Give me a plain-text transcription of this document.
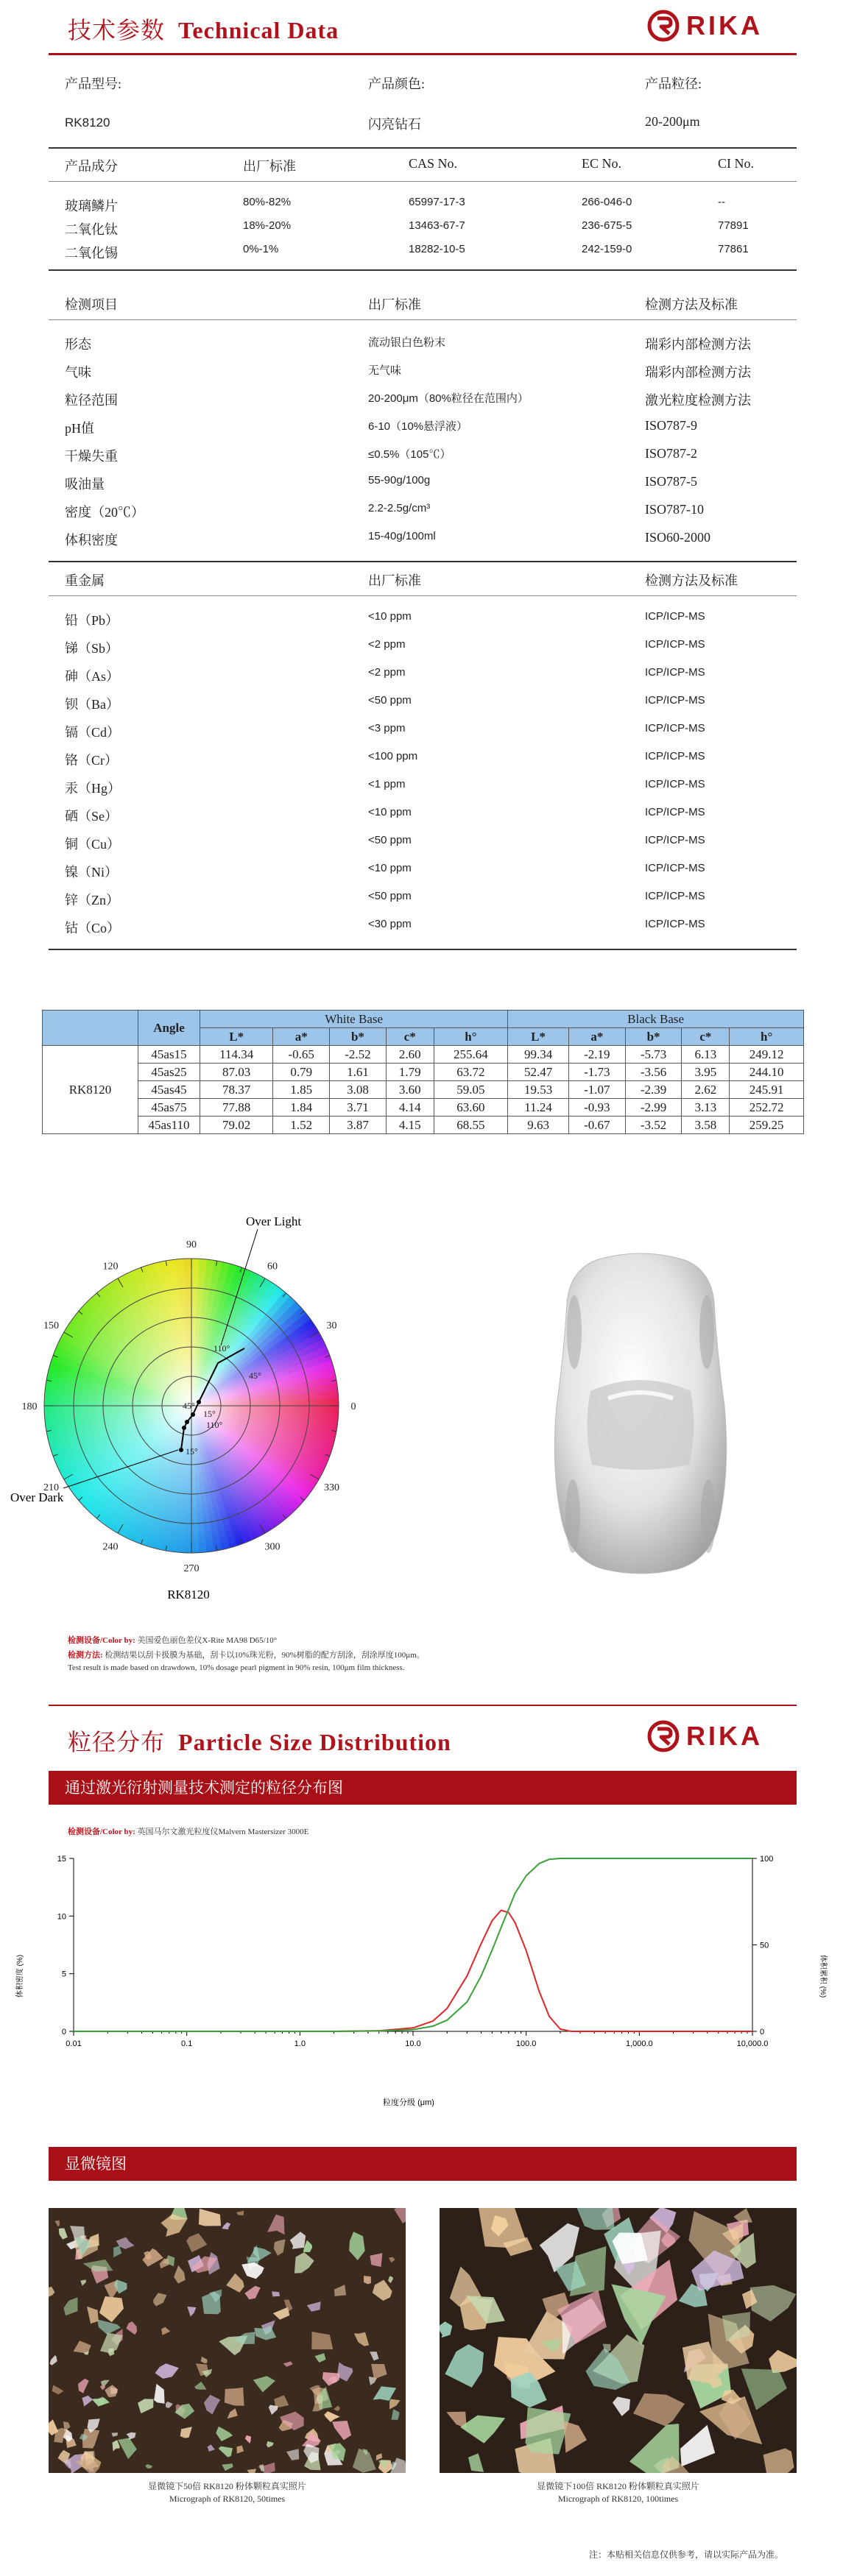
技术参数 Technical Data	RIKA
产品型号:	产品颜色:	产品粒径:
RK8120	闪亮钻石	20-200μm
产品成分	出厂标准	CAS No.	EC No.	CI No.
玻璃鳞片	80%-82%	65997-17-3	266-046-0	--
二氧化钛	18%-20%	13463-67-7	236-675-5	77891
二氧化锡	0%-1%	18282-10-5	242-159-0	77861
检测项目	出厂标准	检测方法及标准
形态	流动银白色粉末	瑞彩内部检测方法
气味	无气味	瑞彩内部检测方法
粒径范围	20-200μm（80%粒径在范围内）	激光粒度检测方法
pH值	6-10（10%悬浮液）	ISO787-9
干燥失重	≤0.5%（105℃）	ISO787-2
吸油量	55-90g/100g	ISO787-5
密度（20℃）	2.2-2.5g/cm³	ISO787-10
体积密度	15-40g/100ml	ISO60-2000
重金属	出厂标准	检测方法及标准
铅（Pb）	<10 ppm	ICP/ICP-MS
锑（Sb）	<2 ppm	ICP/ICP-MS
砷（As）	<2 ppm	ICP/ICP-MS
钡（Ba）	<50 ppm	ICP/ICP-MS
镉（Cd）	<3 ppm	ICP/ICP-MS
铬（Cr）	<100 ppm	ICP/ICP-MS
汞（Hg）	<1 ppm	ICP/ICP-MS
硒（Se）	<10 ppm	ICP/ICP-MS
铜（Cu）	<50 ppm	ICP/ICP-MS
镍（Ni）	<10 ppm	ICP/ICP-MS
锌（Zn）	<50 ppm	ICP/ICP-MS
钴（Co）	<30 ppm	ICP/ICP-MS
	Angle	White Base					Black Base				
		L*	a*	b*	c*	h°	L*	a*	b*	c*	h°
RK8120	45as15	114.34	-0.65	-2.52	2.60	255.64	99.34	-2.19	-5.73	6.13	249.12
	45as25	87.03	0.79	1.61	1.79	63.72	52.47	-1.73	-3.56	3.95	244.10
	45as45	78.37	1.85	3.08	3.60	59.05	19.53	-1.07	-2.39	2.62	245.91
	45as75	77.88	1.84	3.71	4.14	63.60	11.24	-0.93	-2.99	3.13	252.72
	45as110	79.02	1.52	3.87	4.15	68.55	9.63	-0.67	-3.52	3.58	259.25
90
60
30
0
330
300
270
240
210
180
150
120
110°
45°
45°
15°
110°
15°
Over Light
Over Dark
RK8120
检测设备/Color by: 美国爱色丽色差仪X-Rite MA98 D65/10°
检测方法: 检测结果以刮卡扱膜为基础，刮卡以10%珠光粉，90%树脂的配方刮涂，刮涂厚度100μm。
Test result is made based on drawdown, 10% dosage pearl pigment in 90% resin, 100μm film thickness.
粒径分布 Particle Size Distribution	RIKA
通过激光衍射测量技术测定的粒径分布图
检测设备/Color by: 英国马尔文激光粒度仪Malvern Mastersizer 3000E
0
5
10
15
0
50
100
0.01	0.1	1.0	10.0	100.0	1,000.0	10,000.0
体积密度 (%)	体积累积 (%)
粒度分级 (μm)
显微镜图
显微镜下50倍 RK8120 粉体颗粒真实照片
Micrograph of RK8120, 50times
显微镜下100倍 RK8120 粉体颗粒真实照片
Micrograph of RK8120, 100times
注：本贴相关信息仅供参考，请以实际产品为准。
